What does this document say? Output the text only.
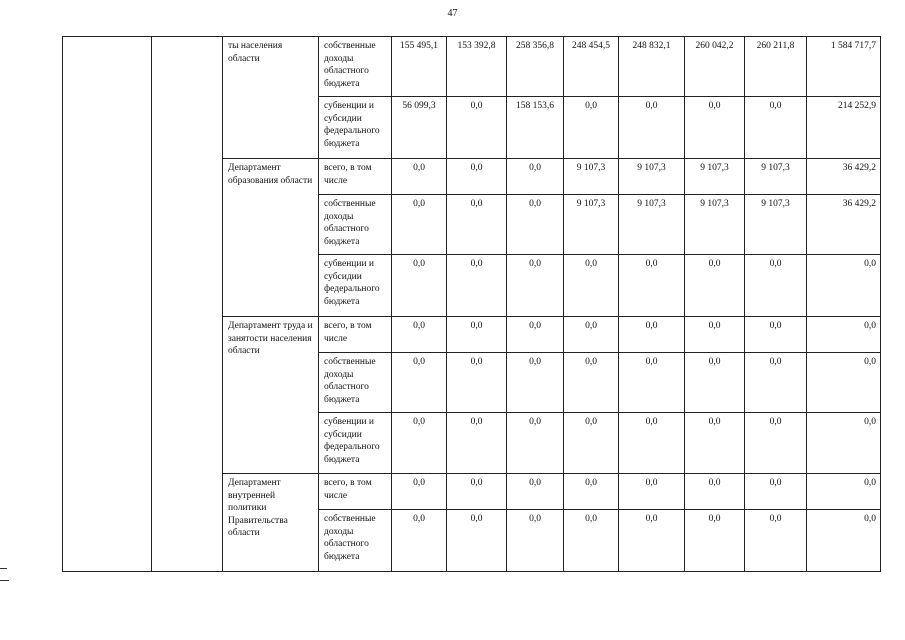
47
		ты населения области	собственные доходы областного бюджета	155 495,1	153 392,8	258 356,8	248 454,5	248 832,1	260 042,2	260 211,8	1 584 717,7
			субвенции и субсидии федерального бюджета	56 099,3	0,0	158 153,6	0,0	0,0	0,0	0,0	214 252,9
		Департамент образования области	всего, в том числе	0,0	0,0	0,0	9 107,3	9 107,3	9 107,3	9 107,3	36 429,2
			собственные доходы областного бюджета	0,0	0,0	0,0	9 107,3	9 107,3	9 107,3	9 107,3	36 429,2
			субвенции и субсидии федерального бюджета	0,0	0,0	0,0	0,0	0,0	0,0	0,0	0,0
		Департамент труда и занятости населения области	всего, в том числе	0,0	0,0	0,0	0,0	0,0	0,0	0,0	0,0
			собственные доходы областного бюджета	0,0	0,0	0,0	0,0	0,0	0,0	0,0	0,0
			субвенции и субсидии федерального бюджета	0,0	0,0	0,0	0,0	0,0	0,0	0,0	0,0
		Департамент внутренней политики Правительства области	всего, в том числе	0,0	0,0	0,0	0,0	0,0	0,0	0,0	0,0
			собственные доходы областного бюджета	0,0	0,0	0,0	0,0	0,0	0,0	0,0	0,0
